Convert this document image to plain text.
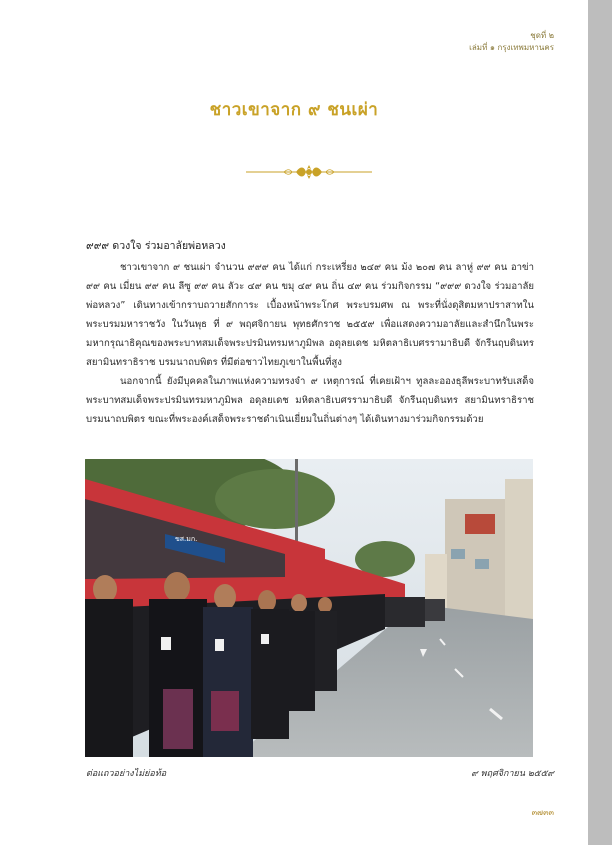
ชุดที่ ๒
เล่มที่ ๑ กรุงเทพมหานคร
ชาวเขาจาก ๙ ชนเผ่า
๙๙๙ ดวงใจ ร่วมอาลัยพ่อหลวง

ชาวเขาจาก ๙ ชนเผ่า จำนวน ๙๙๙ คน ได้แก่ กระเหรี่ยง ๒๔๙ คน ม้ง ๒๐๗ คน ลาหู่ ๙๙ คน อาข่า ๙๙ คน เมี่ยน ๙๙ คน ลีซู ๙๙ คน ลัวะ ๔๙ คน ขมุ ๔๙ คน ถิ่น ๔๙ คน ร่วมกิจกรรม “๙๙๙ ดวงใจ ร่วมอาลัยพ่อหลวง” เดินทางเข้ากราบถวายสักการะ เบื้องหน้าพระโกศ พระบรมศพ ณ พระที่นั่งดุสิตมหาปราสาทในพระบรมมหาราชวัง ในวันพุธ ที่ ๙ พฤศจิกายน พุทธศักราช ๒๕๕๙ เพื่อแสดงความอาลัยและสำนึกในพระมหากรุณาธิคุณของพระบาทสมเด็จพระปรมินทรมหาภูมิพล อดุลยเดช มหิตลาธิเบศรรามาธิบดี จักรีนฤบดินทร สยามินทราธิราช บรมนาถบพิตร ที่มีต่อชาวไทยภูเขาในพื้นที่สูง

นอกจากนี้ ยังมีบุคคลในภาพแห่งความทรงจำ ๙ เหตุการณ์ ที่เคยเฝ้าฯ ทูลละอองธุลีพระบาทรับเสด็จพระบาทสมเด็จพระปรมินทรมหาภูมิพล อดุลยเดช มหิตลาธิเบศรรามาธิบดี จักรีนฤบดินทร สยามินทราธิราช บรมนาถบพิตร ขณะที่พระองค์เสด็จพระราชดำเนินเยี่ยมในถิ่นต่างๆ ได้เดินทางมาร่วมกิจกรรมด้วย

ขส.มก.
ต่อแถวอย่างไม่ย่อท้อ	๙ พฤศจิกายน ๒๕๕๙
๓๗๓๓
